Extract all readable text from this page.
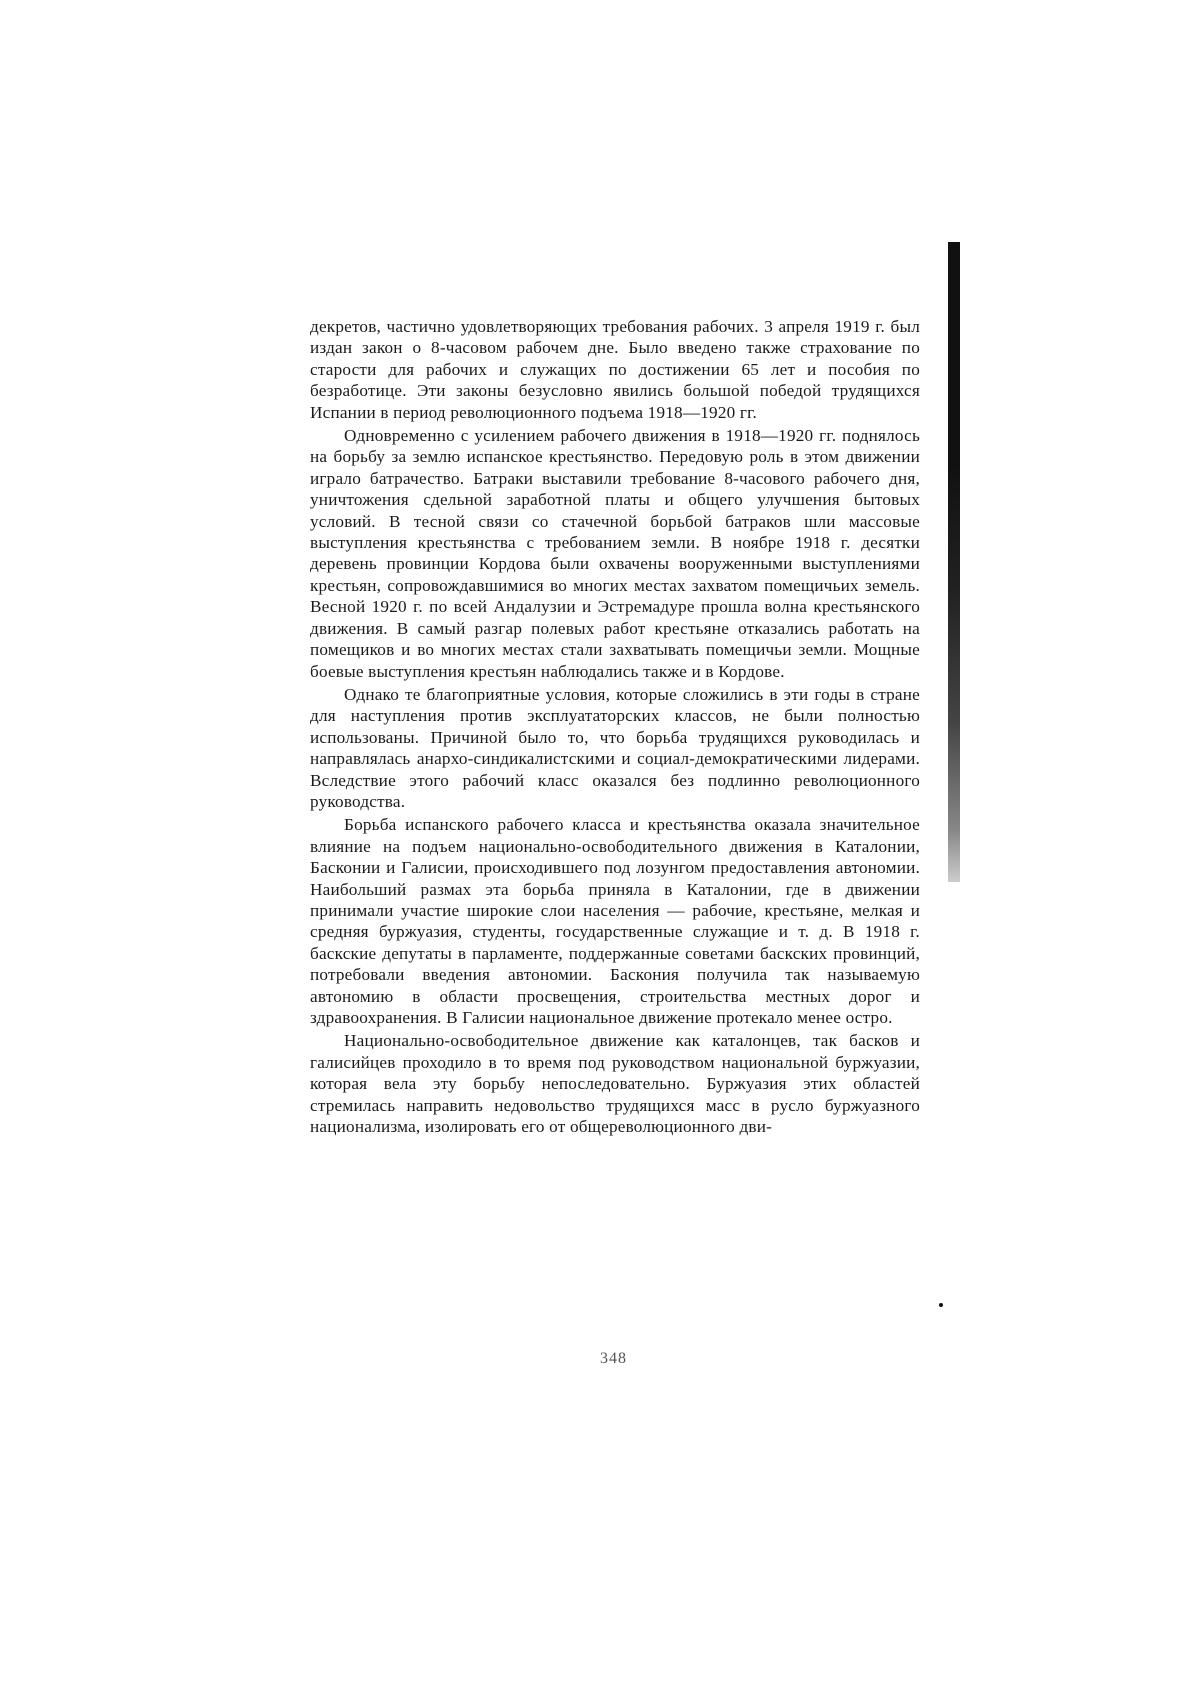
декретов, частично удовлетворяющих требования рабочих. 3 апреля 1919 г. был издан закон о 8-часовом рабочем дне. Было введено также страхование по старости для рабочих и служащих по достижении 65 лет и пособия по безработице. Эти законы безусловно явились большой победой трудящихся Испании в период революционного подъема 1918—1920 гг.

Одновременно с усилением рабочего движения в 1918—1920 гг. поднялось на борьбу за землю испанское крестьянство. Передовую роль в этом движении играло батрачество. Батраки выставили требование 8-часового рабочего дня, уничтожения сдельной заработной платы и общего улучшения бытовых условий. В тесной связи со стачечной борьбой батраков шли массовые выступления крестьянства с требованием земли. В ноябре 1918 г. десятки деревень провинции Кордова были охвачены вооруженными выступлениями крестьян, сопровождавшимися во многих местах захватом помещичьих земель. Весной 1920 г. по всей Андалузии и Эстремадуре прошла волна крестьянского движения. В самый разгар полевых работ крестьяне отказались работать на помещиков и во многих местах стали захватывать помещичьи земли. Мощные боевые выступления крестьян наблюдались также и в Кордове.

Однако те благоприятные условия, которые сложились в эти годы в стране для наступления против эксплуататорских классов, не были полностью использованы. Причиной было то, что борьба трудящихся руководилась и направлялась анархо-синдикалистскими и социал-демократическими лидерами. Вследствие этого рабочий класс оказался без подлинно революционного руководства.

Борьба испанского рабочего класса и крестьянства оказала значительное влияние на подъем национально-освободительного движения в Каталонии, Басконии и Галисии, происходившего под лозунгом предоставления автономии. Наибольший размах эта борьба приняла в Каталонии, где в движении принимали участие широкие слои населения — рабочие, крестьяне, мелкая и средняя буржуазия, студенты, государственные служащие и т. д. В 1918 г. баскские депутаты в парламенте, поддержанные советами баскских провинций, потребовали введения автономии. Баскония получила так называемую автономию в области просвещения, строительства местных дорог и здравоохранения. В Галисии национальное движение протекало менее остро.

Национально-освободительное движение как каталонцев, так басков и галисийцев проходило в то время под руководством национальной буржуазии, которая вела эту борьбу непоследовательно. Буржуазия этих областей стремилась направить недовольство трудящихся масс в русло буржуазного национализма, изолировать его от общереволюционного дви-

348
